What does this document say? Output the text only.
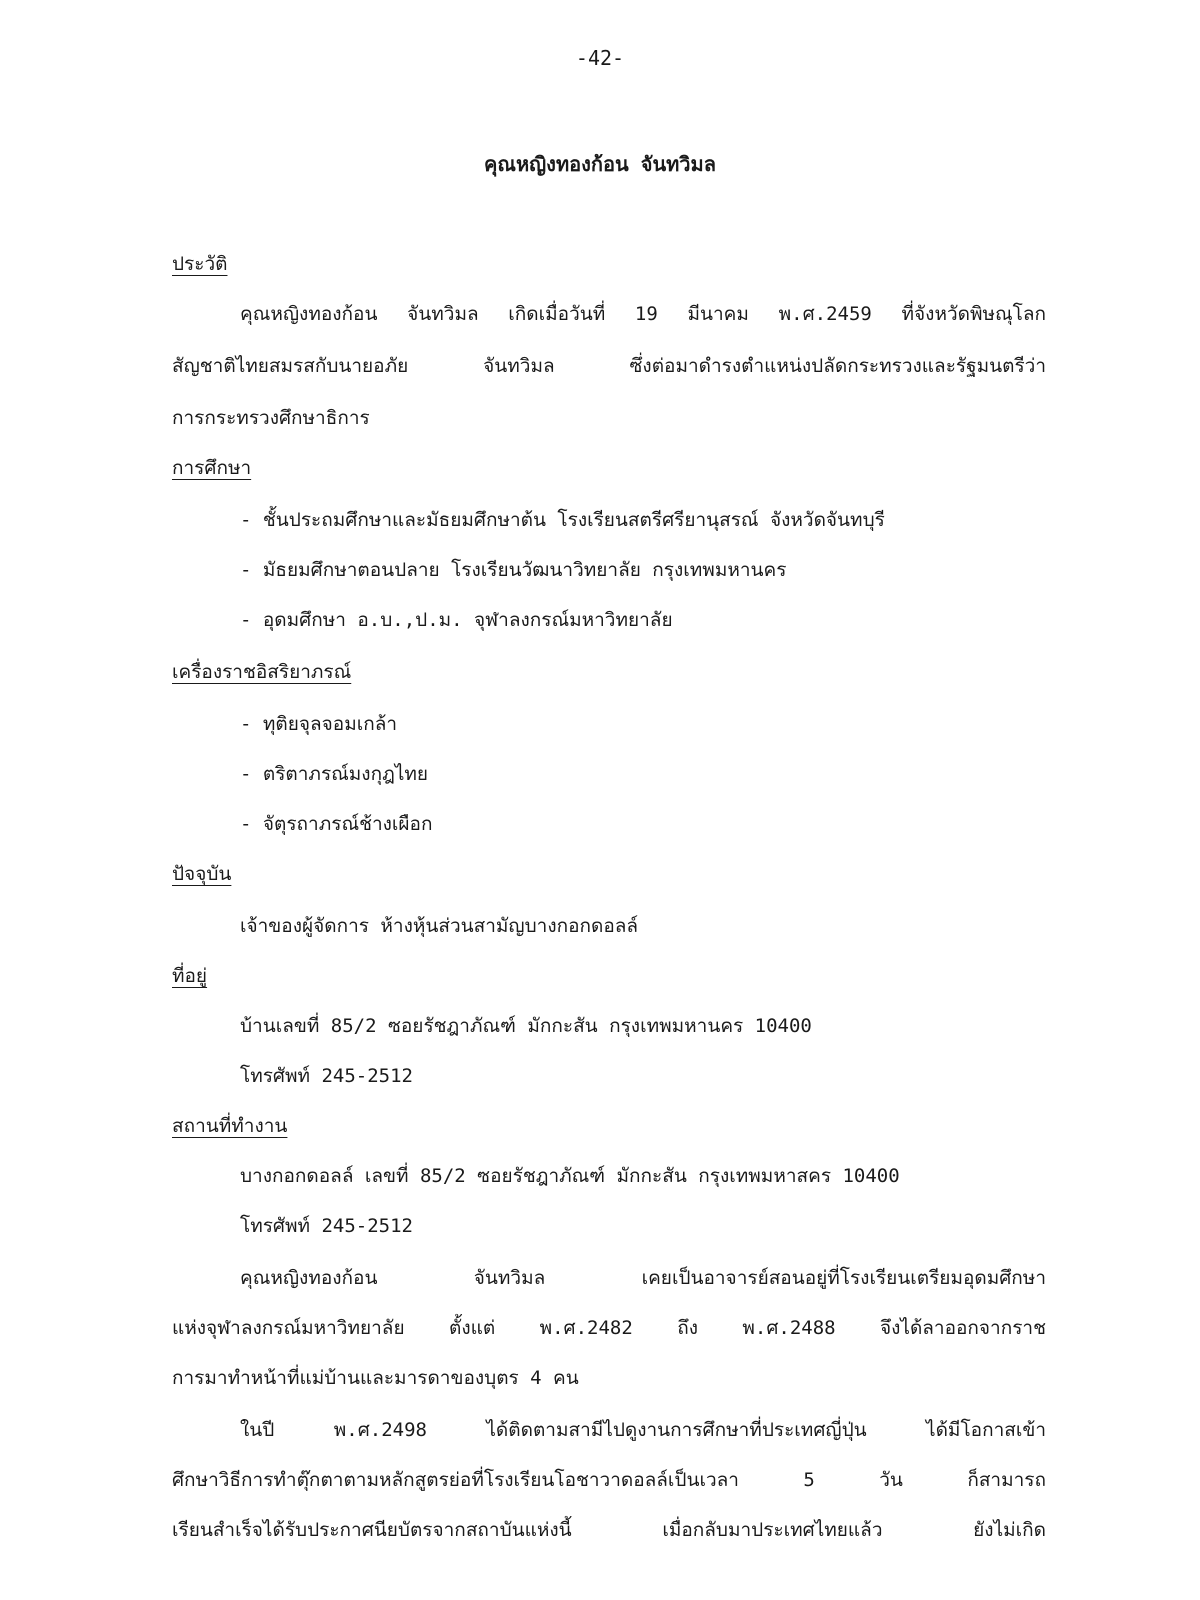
-42-
คุณหญิงทองก้อน จันทวิมล
ประวัติ
คุณหญิงทองก้อน จันทวิมล เกิดเมื่อวันที่ 19 มีนาคม พ.ศ.2459 ที่จังหวัดพิษณุโลก
สัญชาติไทยสมรสกับนายอภัย จันทวิมล ซึ่งต่อมาดำรงตำแหน่งปลัดกระทรวงและรัฐมนตรีว่า
การกระทรวงศึกษาธิการ
การศึกษา
- ชั้นประถมศึกษาและมัธยมศึกษาต้น โรงเรียนสตรีศรียานุสรณ์ จังหวัดจันทบุรี
- มัธยมศึกษาตอนปลาย โรงเรียนวัฒนาวิทยาลัย กรุงเทพมหานคร
- อุดมศึกษา อ.บ.,ป.ม. จุฬาลงกรณ์มหาวิทยาลัย
เครื่องราชอิสริยาภรณ์
- ทุติยจุลจอมเกล้า
- ตริตาภรณ์มงกุฎไทย
- จัตุรถาภรณ์ช้างเผือก
ปัจจุบัน
เจ้าของผู้จัดการ ห้างหุ้นส่วนสามัญบางกอกดอลล์
ที่อยู่
บ้านเลขที่ 85/2 ซอยรัชฎาภัณฑ์ มักกะสัน กรุงเทพมหานคร 10400
โทรศัพท์ 245-2512
สถานที่ทำงาน
บางกอกดอลล์ เลขที่ 85/2 ซอยรัชฎาภัณฑ์ มักกะสัน กรุงเทพมหาสคร 10400
โทรศัพท์ 245-2512
คุณหญิงทองก้อน จันทวิมล เคยเป็นอาจารย์สอนอยู่ที่โรงเรียนเตรียมอุดมศึกษา
แห่งจุฬาลงกรณ์มหาวิทยาลัย ตั้งแต่ พ.ศ.2482 ถึง พ.ศ.2488 จึงได้ลาออกจากราช
การมาทำหน้าที่แม่บ้านและมารดาของบุตร 4 คน
ในปี พ.ศ.2498 ได้ติดตามสามีไปดูงานการศึกษาที่ประเทศญี่ปุ่น ได้มีโอกาสเข้า
ศึกษาวิธีการทำตุ๊กตาตามหลักสูตรย่อที่โรงเรียนโอชาวาดอลล์เป็นเวลา 5 วัน ก็สามารถ
เรียนสำเร็จได้รับประกาศนียบัตรจากสถาบันแห่งนี้ เมื่อกลับมาประเทศไทยแล้ว ยังไม่เกิด
